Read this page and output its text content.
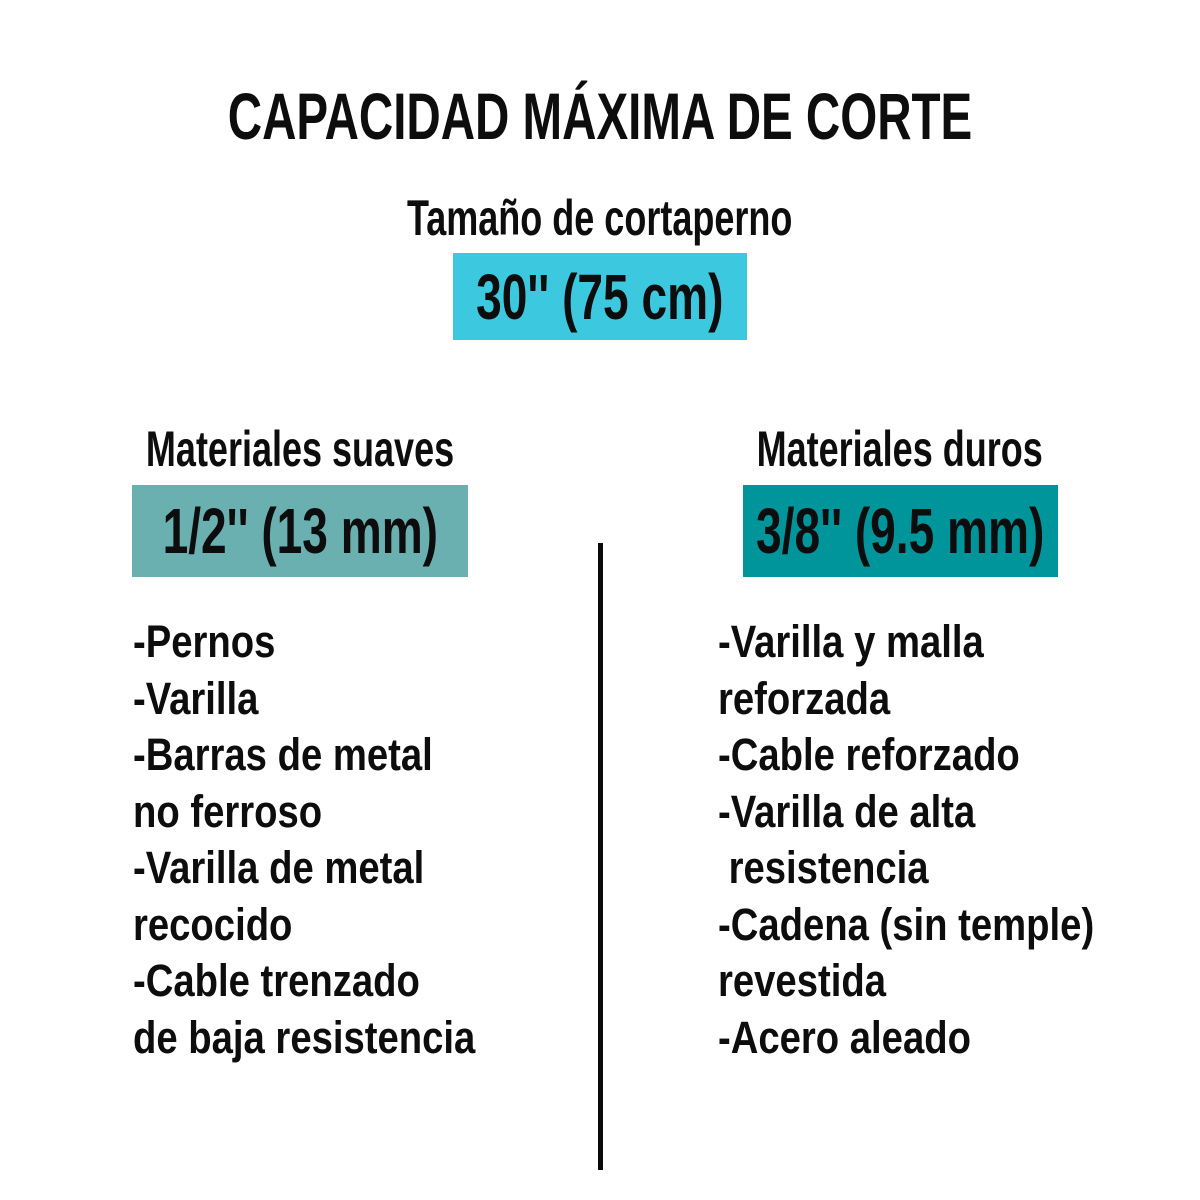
CAPACIDAD MÁXIMA DE CORTE
Tamaño de cortaperno
30'' (75 cm)
Materiales suaves
1/2'' (13 mm)
-Pernos
-Varilla
-Barras de metal
no ferroso
-Varilla de metal
recocido
-Cable trenzado
de baja resistencia
Materiales duros
3/8'' (9.5 mm)
-Varilla y malla
reforzada
-Cable reforzado
-Varilla de alta
resistencia
-Cadena (sin temple)
revestida
-Acero aleado
